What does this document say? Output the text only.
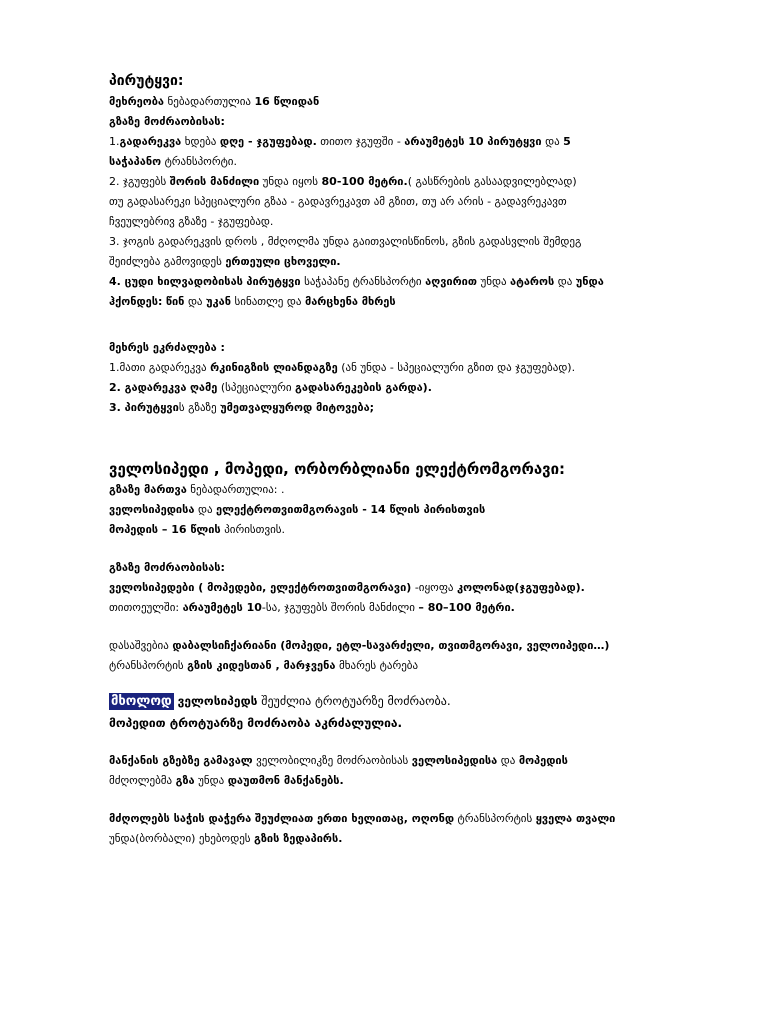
პირუტყვი:
მეხრეობა ნებადართულია 16 წლიდან
გზაზე მოძრაობისას:
1.გადარეკვა ხდება დღე - ჯგუფებად. თითო ჯგუფში - არაუმეტეს 10 პირუტყვი და 5
საჭაპანო ტრანსპორტი.
2. ჯგუფებს შორის მანძილი უნდა იყოს 80-100 მეტრი.( გასწრების გასაადვილებლად)
თუ გადასარეკი სპეციალური გზაა - გადავრეკავთ ამ გზით, თუ არ არის - გადავრეკავთ
ჩვეულებრივ გზაზე - ჯგუფებად.
3. ჯოგის გადარეკვის დროს , მძღოლმა უნდა გაითვალისწინოს, გზის გადასვლის შემდეგ
შეიძლება გამოვიდეს ერთეული ცხოველი.
4. ცუდი ხილვადობისას პირუტყვი საჭაპანე ტრანსპორტი აღვირით უნდა ატაროს და უნდა
ჰქონდეს: წინ და უკან სინათლე და მარცხენა მხრეს
მეხრეს ეკრძალება :
1.მათი გადარეკვა რკინიგზის ლიანდაგზე (ან უნდა - სპეციალური გზით და ჯგუფებად).
2. გადარეკვა ღამე (სპეციალური გადასარეკების გარდა).
3. პირუტყვის გზაზე უმეთვალყუროდ მიტოვება;
ველოსიპედი , მოპედი, ორბორბლიანი ელექტრომგორავი:
გზაზე მართვა ნებადართულია: .
ველოსიპედისა და ელექტროთვითმგორავის - 14 წლის პირისთვის
მოპედის – 16 წლის პირისთვის.
გზაზე მოძრაობისას:
ველოსიპედები ( მოპედები, ელექტროთვითმგორავი) -იყოფა კოლონად(ჯგუფებად).
თითოეულში: არაუმეტეს 10-სა, ჯგუფებს შორის მანძილი – 80–100 მეტრი.
დასაშვებია დაბალსიჩქარიანი (მოპედი, ეტლ-სავარძელი, თვითმგორავი, ველოიპედი…)
ტრანსპორტის გზის კიდესთან , მარჯვენა მხარეს ტარება
მხოლოდ ველოსიპედს შეუძლია ტროტუარზე მოძრაობა.
მოპედით ტროტუარზე მოძრაობა აკრძალულია.
მანქანის გზებზე გამავალ ველობილიკზე მოძრაობისას ველოსიპედისა და მოპედის
მძღოლებმა გზა უნდა დაუთმონ მანქანებს.
მძღოლებს საჭის დაჭერა შეუძლიათ ერთი ხელითაც, ოღონდ ტრანსპორტის ყველა თვალი
უნდა(ბორბალი) ეხებოდეს გზის ზედაპირს.
